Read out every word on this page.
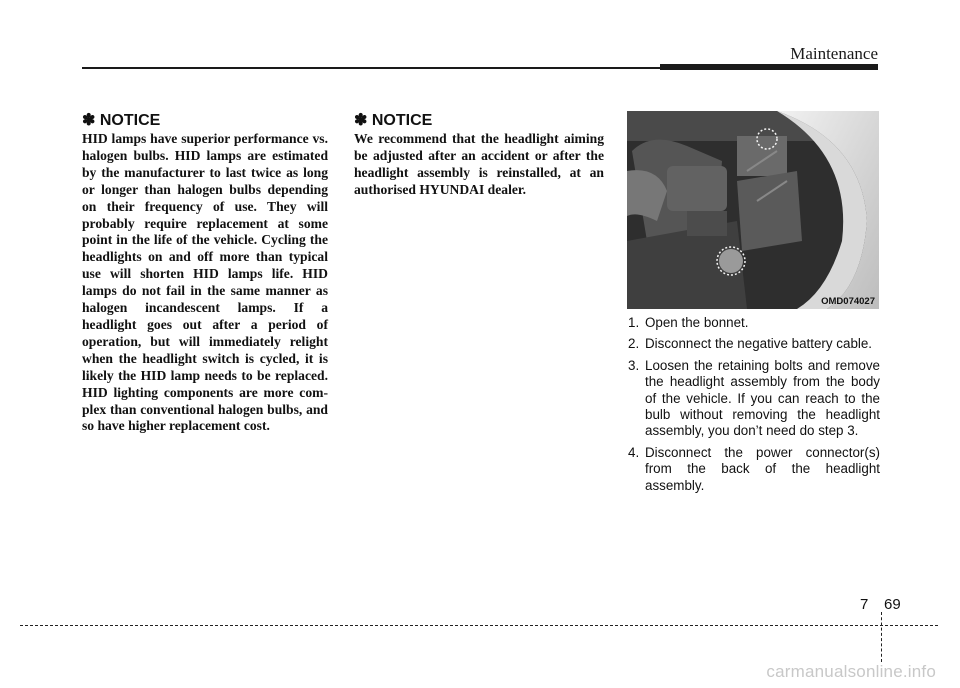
Maintenance
✽ NOTICE
HID lamps have superior performance vs. halogen bulbs. HID lamps are estimated by the manufacturer to last twice as long or longer than halogen bulbs depending on their frequency of use. They will probably require replacement at some point in the life of the vehicle. Cycling the headlights on and off more than typical use will shorten HID lamps life. HID lamps do not fail in the same manner as halogen incandescent lamps. If a headlight goes out after a period of operation, but will immediately relight when the headlight switch is cycled, it is likely the HID lamp needs to be replaced. HID lighting components are more complex than conventional halogen bulbs, and so have higher replacement cost.
✽ NOTICE
We recommend that the headlight aiming be adjusted after an accident or after the headlight assembly is reinstalled, at an authorised HYUNDAI dealer.
OMD074027
1. Open the bonnet.
2. Disconnect the negative battery cable.
3. Loosen the retaining bolts and remove the headlight assembly from the body of the vehicle. If you can reach to the bulb without removing the headlight assembly, you don’t need do step 3.
4. Disconnect the power connector(s) from the back of the headlight assembly.
7 69
carmanualsonline.info
